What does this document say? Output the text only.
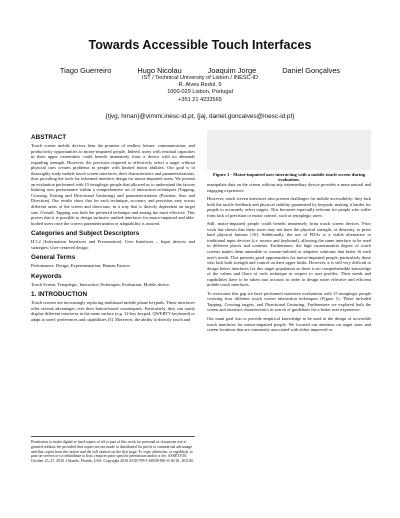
Towards Accessible Touch Interfaces
Tiago Guerreiro	Hugo Nicolau	Joaquim Jorge	Daniel Gonçalves
IST / Technical University of Lisbon / INESC-ID
R. Alves Redol, 9
1000-029 Lisbon, Portugal
+351 21 4233565
{tjvg, hman}@vimmi.inesc-id.pt, {jaj, daniel.goncalves@inesc-id.pt}
ABSTRACT

Touch screen mobile devices bear the promise of endless leisure, communication, and productivity opportunities to motor-impaired people. Indeed, users with residual capacities in their upper extremities could benefit immensely from a device with no demands regarding strength. However, the precision required to effectively select a target without physical cues creates problems to people with limited motor abilities. Our goal is to thoroughly study mobile touch screen interfaces, their characteristics and parameterizations, thus providing the tools for informed interface design for motor-impaired users. We present an evaluation performed with 15 tetraplegic people that allowed us to understand the factors limiting user performance within a comprehensive set of interaction techniques (Tapping, Crossing, Exiting and Directional Gesturing) and parameterizations (Position, Size and Direction). Our results show that for each technique, accuracy and precision vary across different areas of the screen and directions, in a way that is directly dependent on target size. Overall, Tapping was both the preferred technique and among the most effective. This proves that it is possible to design inclusive unified interfaces for motor-impaired and able-bodied users once the correct parameterization or adaptability is assured.

Categories and Subject Descriptors

H.5.2 [Information Interfaces and Presentation]: User Interfaces – Input devices and strategies; User-centered design.

General Terms

Performance, Design, Experimentation, Human Factors.

Keywords

Touch Screen, Tetraplegic, Interaction Techniques, Evaluation, Mobile device.

1. INTRODUCTION

Touch screens are increasingly replacing traditional mobile phone keypads. These interfaces offer several advantages over their button-based counterparts. Particularly, they can easily display different interfaces in the same surface (e.g. 12-key keypad, QWERTY keyboard) or adapt to users' preferences and capabilities [3]. Moreover, the ability to directly touch and

Permission to make digital or hard copies of all or part of this work for personal or classroom use is granted without fee provided that copies are not made or distributed for profit or commercial advantage and that copies bear this notice and the full citation on the first page. To copy otherwise, or republish, to post on servers or to redistribute to lists, requires prior specific permission and/or a fee. ASSETS'10, October 25–27, 2010, Orlando, Florida, USA. Copyright 2010 ACM 978-1-60558-881-0/10/10...$10.00.
Figure 1 - Motor-impaired user interacting with a mobile touch-screen during evaluation.

manipulate data on the screen without any intermediary device provides a more natural and engaging experience.

However, touch screen interfaces also present challenges for mobile accessibility: they lack both the tactile feedback and physical stability guaranteed by keypads, making it harder for people to accurately select targets. This becomes especially relevant for people who suffer from lack of precision or motor control, such as tetraplegic users.

Still, motor-impaired people could benefit immensely from touch screen devices. Prior work has shown that these users may not have the physical strength, or dexterity, to press hard physical buttons [10]. Additionally, the use of PDAs is a viable alternative to traditional input devices (i.e. mouse and keyboard), allowing the same interface to be used in different places and contexts. Furthermore, the high customization degree of touch screens makes them amenable to custom-tailored or adaptive solutions that better fit each user's needs. This presents good opportunities for motor-impaired people, particularly those who lack both strength and control on their upper limbs. However, it is still very difficult to design better interfaces for this target population as there is no comprehensible knowledge of the values and flaws of each technique in respect to user profiles. Their needs and capabilities have to be taken into account in order to design more effective and efficient mobile touch interfaces.

To overcome this gap we have performed extensive evaluations with 15 tetraplegic people covering four different touch screen interaction techniques (Figure 1). These included Tapping, Crossing targets, and Directional Gesturing. Furthermore we explored both the screen and interface characteristics in search of guidelines for a better user experience.

Our main goal was to provide empirical knowledge to be used in the design of accessible touch interfaces for motor-impaired people. We focused our attention on target sizes and screen locations that are commonly associated with either improved or
